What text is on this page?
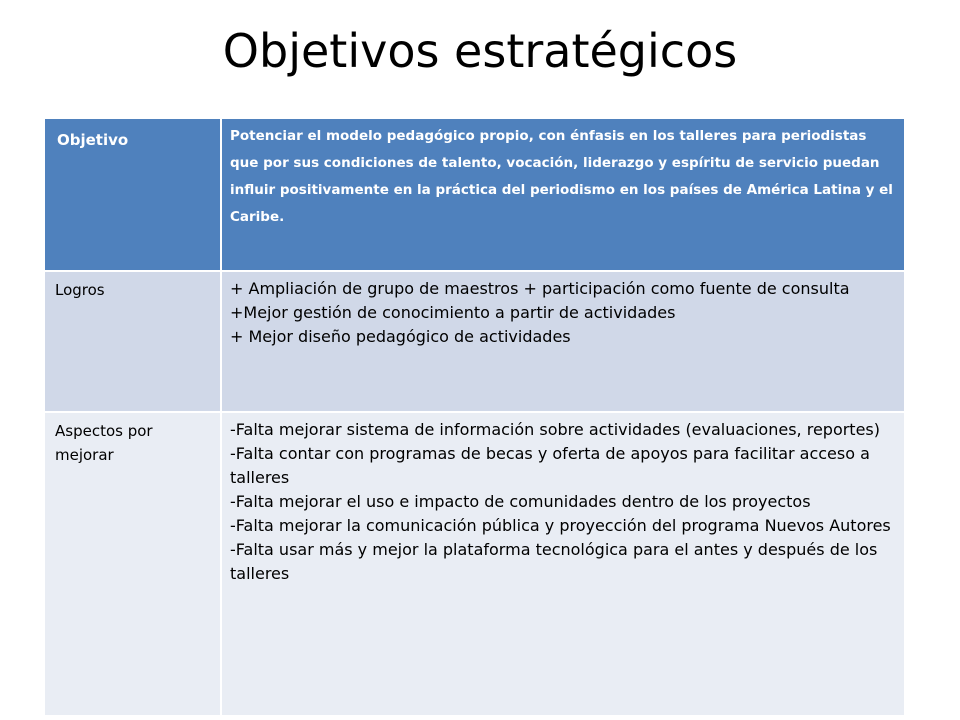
Objetivos estratégicos
Objetivo	Potenciar el modelo pedagógico propio, con énfasis en los talleres para periodistas que por sus condiciones de talento, vocación, liderazgo y espíritu de servicio puedan influir positivamente en la práctica del periodismo en los países de América Latina y el Caribe.

Logros	+ Ampliación de grupo de maestros + participación como fuente de consulta
+Mejor gestión de conocimiento a partir de actividades
+ Mejor diseño pedagógico de actividades

Aspectos por mejorar	-Falta mejorar sistema de información sobre actividades (evaluaciones, reportes)
-Falta contar con programas de becas y oferta de apoyos para facilitar acceso a talleres
-Falta mejorar el uso e impacto de comunidades dentro de los proyectos
-Falta mejorar la comunicación pública y proyección del programa Nuevos Autores
-Falta usar más y mejor la plataforma tecnológica para el antes y después de los talleres
